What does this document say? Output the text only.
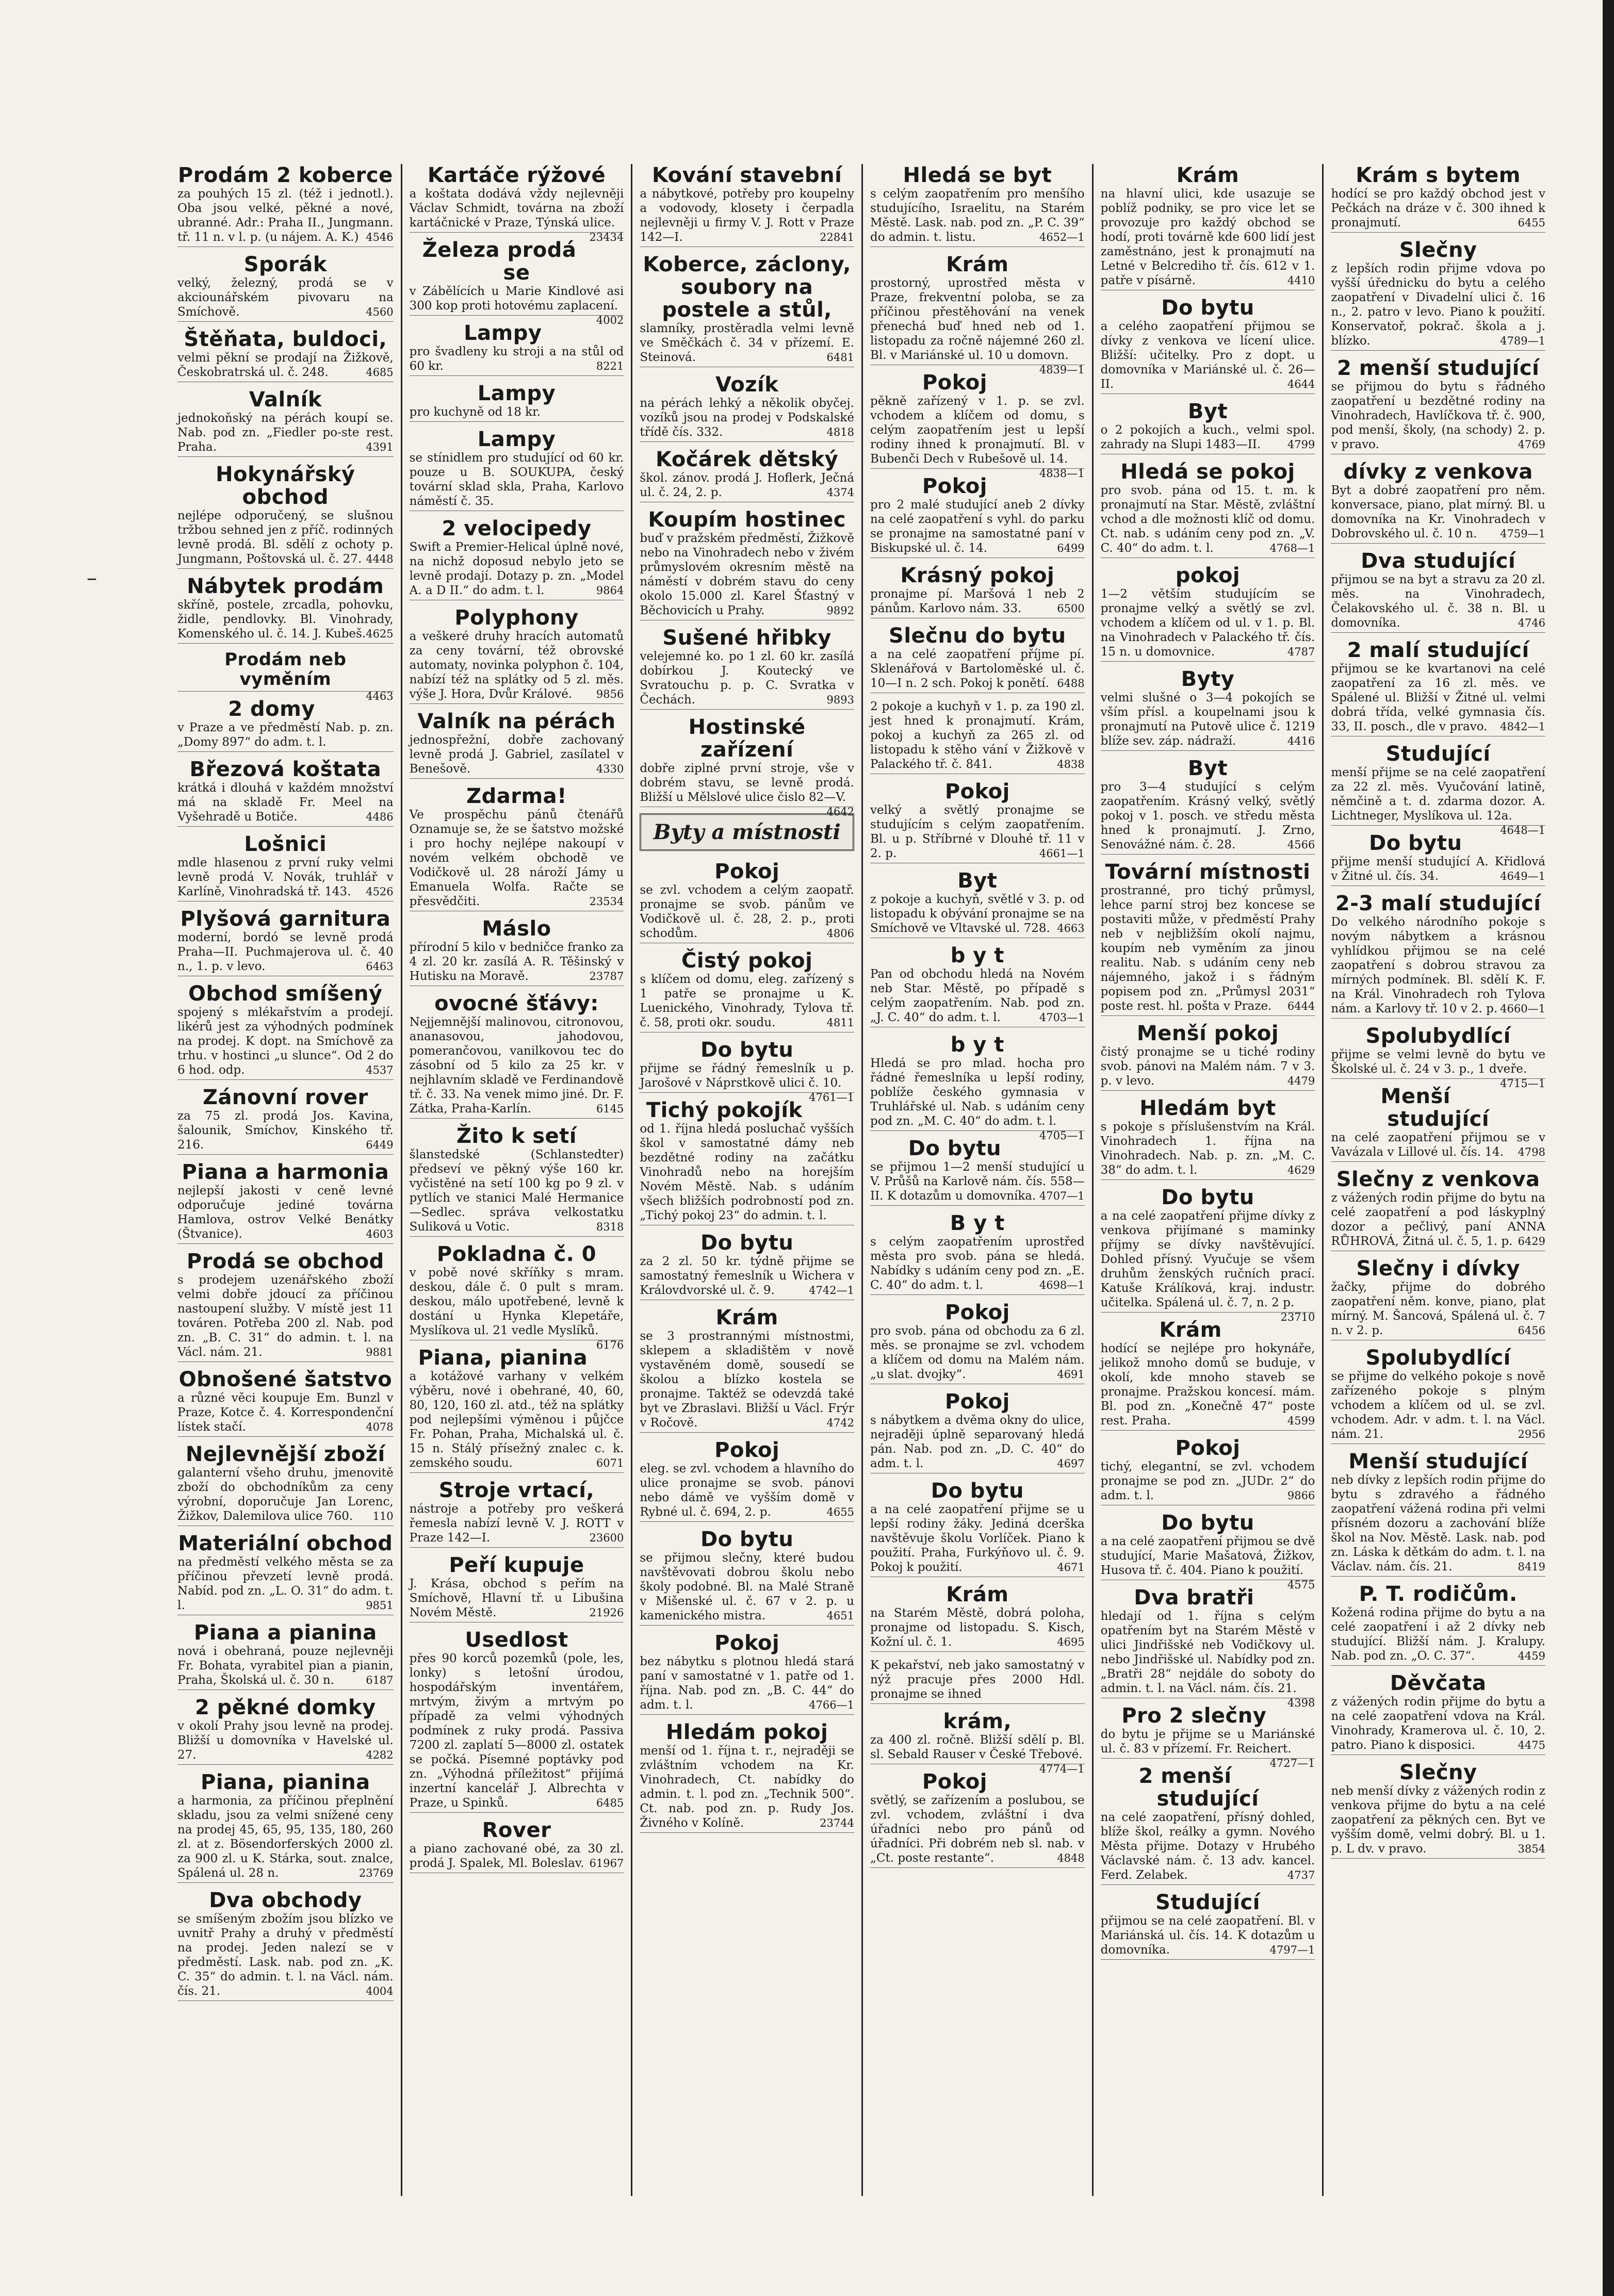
–
Prodám 2 koberce
za pouhých 15 zl. (též i jednotl.). Oba jsou velké, pěkné a nové, ubranné. Adr.: Praha II., Jungmann. tř. 11 n. v l. p. (u nájem. A. K.) 4546
Sporák
velký, železný, prodá se v akciounářském pivovaru na Smíchově.	4560
Štěňata, buldoci,
velmi pěkní se prodají na Žižkově, Českobratrská ul. č. 248.	4685
Valník
jednokoňský na pérách koupí se. Nab. pod zn. „Fiedler po-ste rest. Praha.	4391
Hokynářský obchod
nejlépe odporučený, se slušnou tržbou sehned jen z příč. rodinných levně prodá. Bl. sdělí z ochoty p. Jungmann, Poštovská ul. č. 27. 4448
Nábytek prodám
skříně, postele, zrcadla, pohovku, židle, pendlovky. Bl. Vinohrady, Komenského ul. č. 14. J. Kubeš. 4625
Prodám neb vyměním
4463
2 domy
v Praze a ve předměstí Nab. p. zn. „Domy 897“ do adm. t. l.
Březová koštata
krátká i dlouhá v každém množství má na skladě Fr. Meel na Vyšehradě u Botiče.	4486
Lošnici
mdle hlasenou z první ruky velmi levně prodá V. Novák, truhlář v Karlíně, Vinohradská tř. 143. 4526
Plyšová garnitura
moderní, bordó se levně prodá Praha—II. Puchmajerova ul. č. 40 n., 1. p. v levo.	6463
Obchod smíšený
spojený s mlékařstvím a prodejí. likérů jest za výhodných podmínek na prodej. K dopt. na Smíchově za trhu. v hostinci „u slunce“. Od 2 do 6 hod. odp.	4537
Zánovní rover
za 75 zl. prodá Jos. Kavina, šalounik, Smíchov, Kinského tř. 216.	6449
Piana a harmonia
nejlepší jakosti v ceně levné odporučuje jediné továrna Hamlova, ostrov Velké Benátky (Štvanice).	4603
Prodá se obchod
s prodejem uzenářského zboží velmi dobře jdoucí za příčinou nastoupení služby. V místě jest 11 továren. Potřeba 200 zl. Nab. pod zn. „B. C. 31“ do admin. t. l. na Václ. nám. 21.	9881
Obnošené šatstvo
a různé věci koupuje Em. Bunzl v Praze, Kotce č. 4. Korrespondenční lístek stačí.	4078
Nejlevnější zboží
galanterní všeho druhu, jmenovitě zboží do obchodníkům za ceny výrobní, doporučuje Jan Lorenc, Žižkov, Dalemilova ulice 760. 110
Materiální obchod
na předměstí velkého města se za příčinou převzetí levně prodá. Nabíd. pod zn. „L. O. 31“ do adm. t. l.	9851
Piana a pianina
nová i obehraná, pouze nejlevněji Fr. Bohata, vyrabitel pian a pianin, Praha, Školská ul. č. 30 n.	6187
2 pěkné domky
v okolí Prahy jsou levně na prodej. Bližší u domovníka v Havelské ul. 27.	4282
Piana, pianina
a harmonia, za příčinou přeplnění skladu, jsou za velmi snížené ceny na prodej 45, 65, 95, 135, 180, 260 zl. at z. Bösendorferských 2000 zl. za 900 zl. u K. Stárka, sout. znalce, Spálená ul. 28 n.	23769
Dva obchody
se smíšeným zbožím jsou blízko ve uvnitř Prahy a druhý v předměstí na prodej. Jeden nalezí se v předměstí. Lask. nab. pod zn. „K. C. 35“ do admin. t. l. na Václ. nám. čís. 21.	4004
Kartáče rýžové
a koštata dodává vždy nejlevněji Václav Schmidt, továrna na zboží kartáčnické v Praze, Týnská ulice.
23434
Železa prodá se
v Zábělících u Marie Kindlové asi 300 kop proti hotovému zaplacení.
4002
Lampy
pro švadleny ku stroji a na stůl od 60 kr.	8221
Lampy
pro kuchyně od 18 kr.
Lampy
se stínidlem pro studující od 60 kr. pouze u B. SOUKUPA, český tovární sklad skla, Praha, Karlovo náměstí č. 35.
2 velocipedy
Swift a Premier-Helical úplně nové, na nichž doposud nebylo jeto se levně prodají. Dotazy p. zn. „Model A. a D II.“ do adm. t. l.	9864
Polyphony
a veškeré druhy hracích automatů za ceny tovární, též obrovské automaty, novinka polyphon č. 104, nabízí též na splátky od 5 zl. měs. výše J. Hora, Dvůr Králové. 9856
Valník na pérách
jednospřežní, dobře zachovaný levně prodá J. Gabriel, zasílatel v Benešově.	4330
Zdarma!
Ve prospěchu pánů čtenářů Oznamuje se, že se šatstvo možské i pro hochy nejlépe nakoupí v novém velkém obchodě ve Vodičkově ul. 28 nároží Jámy u Emanuela Wolfa. Račte se přesvědčiti.	23534
Máslo
přírodní 5 kilo v bedničce franko za 4 zl. 20 kr. zasílá A. R. Těšinský v Hutisku na Moravě.	23787
ovocné šťávy:
Nejjemnější malinovou, citronovou, ananasovou, jahodovou, pomerančovou, vanilkovou tec do zásobní od 5 kilo za 25 kr. v nejhlavním skladě ve Ferdinandově tř. č. 33. Na venek mimo jiné. Dr. F. Zátka, Praha-Karlín.	6145
Žito k setí
šlanstedské (Schlanstedter) předseví ve pěkný výše 160 kr. vyčistěné na setí 100 kg po 9 zl. v pytlích ve stanici Malé Hermanice—Sedlec. správa velkostatku Suliková u Votic.	8318
Pokladna č. 0
v pobě nové skříňky s mram. deskou, dále č. 0 pult s mram. deskou, málo upotřebené, levně k dostání u Hynka Klepetáře, Myslíkova ul. 21 vedle Myslíků.
6176
Piana, pianina
a kotážové varhany v velkém výběru, nové i obehrané, 40, 60, 80, 120, 160 zl. atd., též na splátky pod nejlepšími výměnou i půjčce Fr. Pohan, Praha, Michalská ul. č. 15 n. Stálý přísežný znalec c. k. zemského soudu.	6071
Stroje vrtací,
nástroje a potřeby pro veškerá řemesla nabízí levně V. J. ROTT v Praze 142—I.	23600
Peří kupuje
J. Krása, obchod s peřím na Smíchově, Hlavní tř. u Libušina Novém Městě.	21926
Usedlost
přes 90 korců pozemků (pole, les, lonky) s letošní úrodou, hospodářským inventářem, mrtvým, živým a mrtvým po případě za velmi výhodných podmínek z ruky prodá. Passiva 7200 zl. zaplatí 5—8000 zl. ostatek se počká. Písemné poptávky pod zn. „Výhodná příležitost“ přijímá inzertní kancelář J. Albrechta v Praze, u Spinků.	6485
Rover
a piano zachované obé, za 30 zl. prodá J. Spalek, Ml. Boleslav. 61967
Kování stavební
a nábytkové, potřeby pro koupelny a vodovody, klosety i čerpadla nejlevněji u firmy V. J. Rott v Praze 142—I.	22841
Koberce, záclony, soubory na postele a stůl,
slamníky, prostěradla velmi levně ve Směčkách č. 34 v přízemí. E. Steinová.	6481
Vozík
na pérách lehký a několik obyčej. vozíků jsou na prodej v Podskalské třídě čís. 332.	4818
Kočárek dětský
škol. zánov. prodá J. Hoflerk, Ječná ul. č. 24, 2. p.	4374
Koupím hostinec
buď v pražském předměstí, Žižkově nebo na Vinohradech nebo v živém průmyslovém okresním městě na náměstí v dobrém stavu do ceny okolo 15.000 zl. Karel Šťastný v Běchovicích u Prahy.	9892
Sušené hřibky
velejemné ko. po 1 zl. 60 kr. zasílá dobírkou J. Koutecký ve Svratouchu p. p. C. Svratka v Čechách.	9893
Hostinské zařízení
dobře ziplné první stroje, vše v dobrém stavu, se levně prodá. Bližší u Mělslové ulice čislo 82—V.
4642
Byty a místnosti
Pokoj
se zvl. vchodem a celým zaopatř. pronajme se svob. pánům ve Vodičkově ul. č. 28, 2. p., proti schodům.	4806
Čistý pokoj
s klíčem od domu, eleg. zařízený s 1 patře se pronajme u K. Luenického, Vinohrady, Tylova tř. č. 58, proti okr. soudu.	4811
Do bytu
přijme se řádný řemeslník u p. Jarošové v Náprstkově ulici č. 10.
4761—1
Tichý pokojík
od 1. října hledá posluchač vyšších škol v samostatné dámy neb bezdětné rodiny na začátku Vinohradů nebo na horejším Novém Městě. Nab. s udáním všech bližších podrobností pod zn. „Tichý pokoj 23“ do admin. t. l.
Do bytu
za 2 zl. 50 kr. týdně přijme se samostatný řemeslník u Wichera v Královdvorské ul. č. 9.	4742—1
Krám
se 3 prostrannými místnostmi, sklepem a skladištěm v nově vystavěném domě, sousedí se školou a blízko kostela se pronajme. Taktéž se odevzdá také byt ve Zbraslavi. Bližší u Václ. Frýr v Ročově.	4742
Pokoj
eleg. se zvl. vchodem a hlavního do ulice pronajme se svob. pánovi nebo dámě ve vyšším domě v Rybné ul. č. 694, 2. p.	4655
Do bytu
se přijmou slečny, které budou navštěvovati dobrou školu nebo školy podobné. Bl. na Malé Straně v Mišenské ul. č. 67 v 2. p. u kamenického mistra.	4651
Pokoj
bez nábytku s plotnou hledá stará paní v samostatné v 1. patře od 1. října. Nab. pod zn. „B. C. 44“ do adm. t. l.	4766—1
Hledám pokoj
menší od 1. října t. r., nejraději se zvláštním vchodem na Kr. Vinohradech, Ct. nabídky do admin. t. l. pod zn. „Technik 500“. Ct. nab. pod zn. p. Rudy Jos. Živného v Kolíně.	23744
Hledá se byt
s celým zaopatřením pro menšího studujícího, Israelitu, na Starém Městě. Lask. nab. pod zn. „P. C. 39“ do admin. t. listu.	4652—1
Krám
prostorný, uprostřed města v Praze, frekventní poloba, se za příčinou přestěhování na venek přenechá buď hned neb od 1. listopadu za ročně nájemné 260 zl. Bl. v Mariánské ul. 10 u domovn.
4839—1
Pokoj
pěkně zařízený v 1. p. se zvl. vchodem a klíčem od domu, s celým zaopatřením jest u lepší rodiny ihned k pronajmutí. Bl. v Bubenči Dech v Rubešově ul. 14.
4838—1
Pokoj
pro 2 malé studující aneb 2 dívky na celé zaopatření s vyhl. do parku se pronajme na samostatné paní v Biskupské ul. č. 14.	6499
Krásný pokoj
pronajme pí. Maršová 1 neb 2 pánům. Karlovo nám. 33.	6500
Slečnu do bytu
a na celé zaopatření příjme pí. Sklenářová v Bartoloměské ul. č. 10—I n. 2 sch. Pokoj k ponětí. 6488
2 pokoje a kuchyň v 1. p. za 190 zl. jest hned k pronajmutí. Krám, pokoj a kuchyň za 265 zl. od listopadu k stěho vání v Žižkově v Palackého tř. č. 841.	4838
Pokoj
velký a světlý pronajme se studujícím s celým zaopatřením. Bl. u p. Stříbrné v Dlouhé tř. 11 v 2. p.	4661—1
Byt
z pokoje a kuchyň, světlé v 3. p. od listopadu k obývání pronajme se na Smíchově ve Vltavské ul. 728. 4663
b y t
Pan od obchodu hledá na Novém neb Star. Městě, po případě s celým zaopatřením. Nab. pod zn. „J. C. 40“ do adm. t. l.	4703—1
b y t
Hledá se pro mlad. hocha pro řádné řemeslníka u lepší rodiny, poblíže českého gymnasia v Truhlářské ul. Nab. s udáním ceny pod zn. „M. C. 40“ do adm. t. l.
4705—1
Do bytu
se přijmou 1—2 menší studující u V. Průšů na Karlově nám. čís. 558—II. K dotazům u domovníka. 4707—1
B y t
s celým zaopatřením uprostřed města pro svob. pána se hledá. Nabídky s udáním ceny pod zn. „E. C. 40“ do adm. t. l.	4698—1
Pokoj
pro svob. pána od obchodu za 6 zl. měs. se pronajme se zvl. vchodem a klíčem od domu na Malém nám. „u slat. dvojky“.	4691
Pokoj
s nábytkem a dvěma okny do ulice, nejraději úplně separovaný hledá pán. Nab. pod zn. „D. C. 40“ do adm. t. l.	4697
Do bytu
a na celé zaopatření přijme se u lepší rodiny žáky. Jediná dcerška navštěvuje školu Vorlíček. Piano k použití. Praha, Furkýňovo ul. č. 9. Pokoj k použití.	4671
Krám
na Starém Městě, dobrá poloha, pronajme od listopadu. S. Kisch, Kožní ul. č. 1.	4695
K pekařství, neb jako samostatný v nýž pracuje přes 2000 Hdl. pronajme se ihned
krám,
za 400 zl. ročně. Bližší sdělí p. Bl. sl. Sebald Rauser v České Třebové.
4774—1
Pokoj
světlý, se zařízením a poslubou, se zvl. vchodem, zvláštní i dva úřadníci nebo pro pánů od úřadníci. Při dobrém neb sl. nab. v „Ct. poste restante“.	4848
Krám
na hlavní ulici, kde usazuje se poblíž podniky, se pro vice let se provozuje pro každý obchod se hodí, proti továrně kde 600 lidí jest zaměstnáno, jest k pronajmutí na Letné v Belcrediho tř. čís. 612 v 1. patře v písárně.	4410
Do bytu
a celého zaopatření přijmou se dívky z venkova ve lícení ulice. Bližší: učitelky. Pro z dopt. u domovníka v Mariánské ul. č. 26—II.	4644
Byt
o 2 pokojích a kuch., velmi spol. zahrady na Slupi 1483—II. 4799
Hledá se pokoj
pro svob. pána od 15. t. m. k pronajmutí na Star. Městě, zvláštní vchod a dle možnosti klíč od domu. Ct. nab. s udáním ceny pod zn. „V. C. 40“ do adm. t. l.	4768—1
pokoj
1—2 větším studujícím se pronajme velký a světlý se zvl. vchodem a klíčem od ul. v 1. p. Bl. na Vinohradech v Palackého tř. čís. 15 n. u domovnice.	4787
Byty
velmi slušné o 3—4 pokojích se vším přísl. a koupelnami jsou k pronajmutí na Putově ulice č. 1219 blíže sev. záp. nádraží.	4416
Byt
pro 3—4 studující s celým zaopatřením. Krásný velký, světlý pokoj v 1. posch. ve středu města hned k pronajmutí. J. Zrno, Senovážné nám. č. 28.	4566
Tovární místnosti
prostranné, pro tichý průmysl, lehce parní stroj bez koncese se postaviti může, v předměstí Prahy neb v nejbližším okolí najmu, koupím neb vyměním za jinou realitu. Nab. s udáním ceny neb nájemného, jakož i s řádným popisem pod zn. „Průmysl 2031“ poste rest. hl. pošta v Praze. 6444
Menší pokoj
čistý pronajme se u tiché rodiny svob. pánovi na Malém nám. 7 v 3. p. v levo.	4479
Hledám byt
s pokoje s příslušenstvím na Král. Vinohradech 1. října na Vinohradech. Nab. p. zn. „M. C. 38“ do adm. t. l.	4629
Do bytu
a na celé zaopatření přijme dívky z venkova přijímané s maminky příjmy se dívky navštěvující. Dohled přísný. Vyučuje se všem druhům ženských ručních prací. Katuše Králíková, kraj. industr. učitelka. Spálená ul. č. 7, n. 2 p.
23710
Krám
hodící se nejlépe pro hokynáře, jelikož mnoho domů se buduje, v okolí, kde mnoho staveb se pronajme. Pražskou koncesí. mám. Bl. pod zn. „Konečně 47“ poste rest. Praha.	4599
Pokoj
tichý, elegantní, se zvl. vchodem pronajme se pod zn. „JUDr. 2“ do adm. t. l.	9866
Do bytu
a na celé zaopatření přijmou se dvě studující, Marie Mašatová, Žižkov, Husova tř. č. 404. Piano k použití.
4575
Dva bratři
hledají od 1. října s celým opatřením byt na Starém Městě v ulici Jindřišské neb Vodičkovy ul. nebo Jindřišské ul. Nabídky pod zn. „Bratři 28“ nejdále do soboty do admin. t. l. na Václ. nám. čís. 21.
4398
Pro 2 slečny
do bytu je přijme se u Mariánské ul. č. 83 v přízemí. Fr. Reichert.
4727—1
2 menší studující
na celé zaopatření, přísný dohled, blíže škol, reálky a gymn. Nového Města přijme. Dotazy v Hrubého Václavské nám. č. 13 adv. kancel. Ferd. Zelabek.	4737
Studující
přijmou se na celé zaopatření. Bl. v Mariánská ul. čís. 14. K dotazům u domovníka.	4797—1
Krám s bytem
hodící se pro každý obchod jest v Pečkách na dráze v č. 300 ihned k pronajmutí.	6455
Slečny
z lepších rodin přijme vdova po vyšší úřednicku do bytu a celého zaopatření v Divadelní ulici č. 16 n., 2. patro v levo. Piano k použití. Konservatoř, pokrač. škola a j. blízko.	4789—1
2 menší studující
se přijmou do bytu s řádného zaopatření u bezdětné rodiny na Vinohradech, Havlíčkova tř. č. 900, pod menší, školy, (na schody) 2. p. v pravo.	4769
dívky z venkova
Byt a dobré zaopatření pro něm. konversace, piano, plat mírný. Bl. u domovníka na Kr. Vinohradech v Dobrovského ul. č. 10 n. 4759—1
Dva studující
přijmou se na byt a stravu za 20 zl. měs. na Vinohradech, Čelakovského ul. č. 38 n. Bl. u domovníka.	4746
2 malí studující
přijmou se ke kvartanovi na celé zaopatření za 16 zl. měs. ve Spálené ul. Bližší v Žitné ul. velmi dobrá třída, velké gymnasia čís. 33, II. posch., dle v pravo. 4842—1
Studující
menší přijme se na celé zaopatření za 22 zl. měs. Vyučování latině, němčině a t. d. zdarma dozor. A. Lichtneger, Myslíkova ul. 12a.
4648—1
Do bytu
přijme menší studující A. Křidlová v Žitné ul. čís. 34.	4649—1
2-3 malí studující
Do velkého národního pokoje s novým nábytkem a krásnou vyhlídkou přijmou se na celé zaopatření s dobrou stravou za mírných podmínek. Bl. sdělí K. F. na Král. Vinohradech roh Tylova nám. a Karlovy tř. 10 v 2. p. 4660—1
Spolubydlící
přijme se velmi levně do bytu ve Školské ul. č. 24 v 3. p., 1 dveře.
4715—1
Menší studující
na celé zaopatření přijmou se v Vavázala v Lillové ul. čís. 14. 4798
Slečny z venkova
z vážených rodin přijme do bytu na celé zaopatření a pod láskyplný dozor a pečlivý, paní ANNA RŮHROVÁ, Žitná ul. č. 5, 1. p. 6429
Slečny i dívky
žačky, přijme do dobrého zaopatření něm. konve, piano, plat mírný. M. Šancová, Spálená ul. č. 7 n. v 2. p.	6456
Spolubydlící
se přijme do velkého pokoje s nově zařízeného pokoje s plným vchodem a klíčem od ul. se zvl. vchodem. Adr. v adm. t. l. na Václ. nám. 21.	2956
Menší studující
neb dívky z lepších rodin přijme do bytu s zdravého a řádného zaopatření vážená rodina při velmi přísném dozoru a zachování blíže škol na Nov. Městě. Lask. nab. pod zn. Láska k dětkám do adm. t. l. na Václav. nám. čís. 21.	8419
P. T. rodičům.
Kožená rodina přijme do bytu a na celé zaopatření i až 2 dívky neb studující. Bližší nám. J. Kralupy. Nab. pod zn. „O. C. 37“.	4459
Děvčata
z vážených rodin přijme do bytu a na celé zaopatření vdova na Král. Vinohrady, Kramerova ul. č. 10, 2. patro. Piano k disposici.	4475
Slečny
neb menší dívky z vážených rodin z venkova přijme do bytu a na celé zaopatření za pěkných cen. Byt ve vyšším domě, velmi dobrý. Bl. u 1. p. L dv. v pravo.	3854
